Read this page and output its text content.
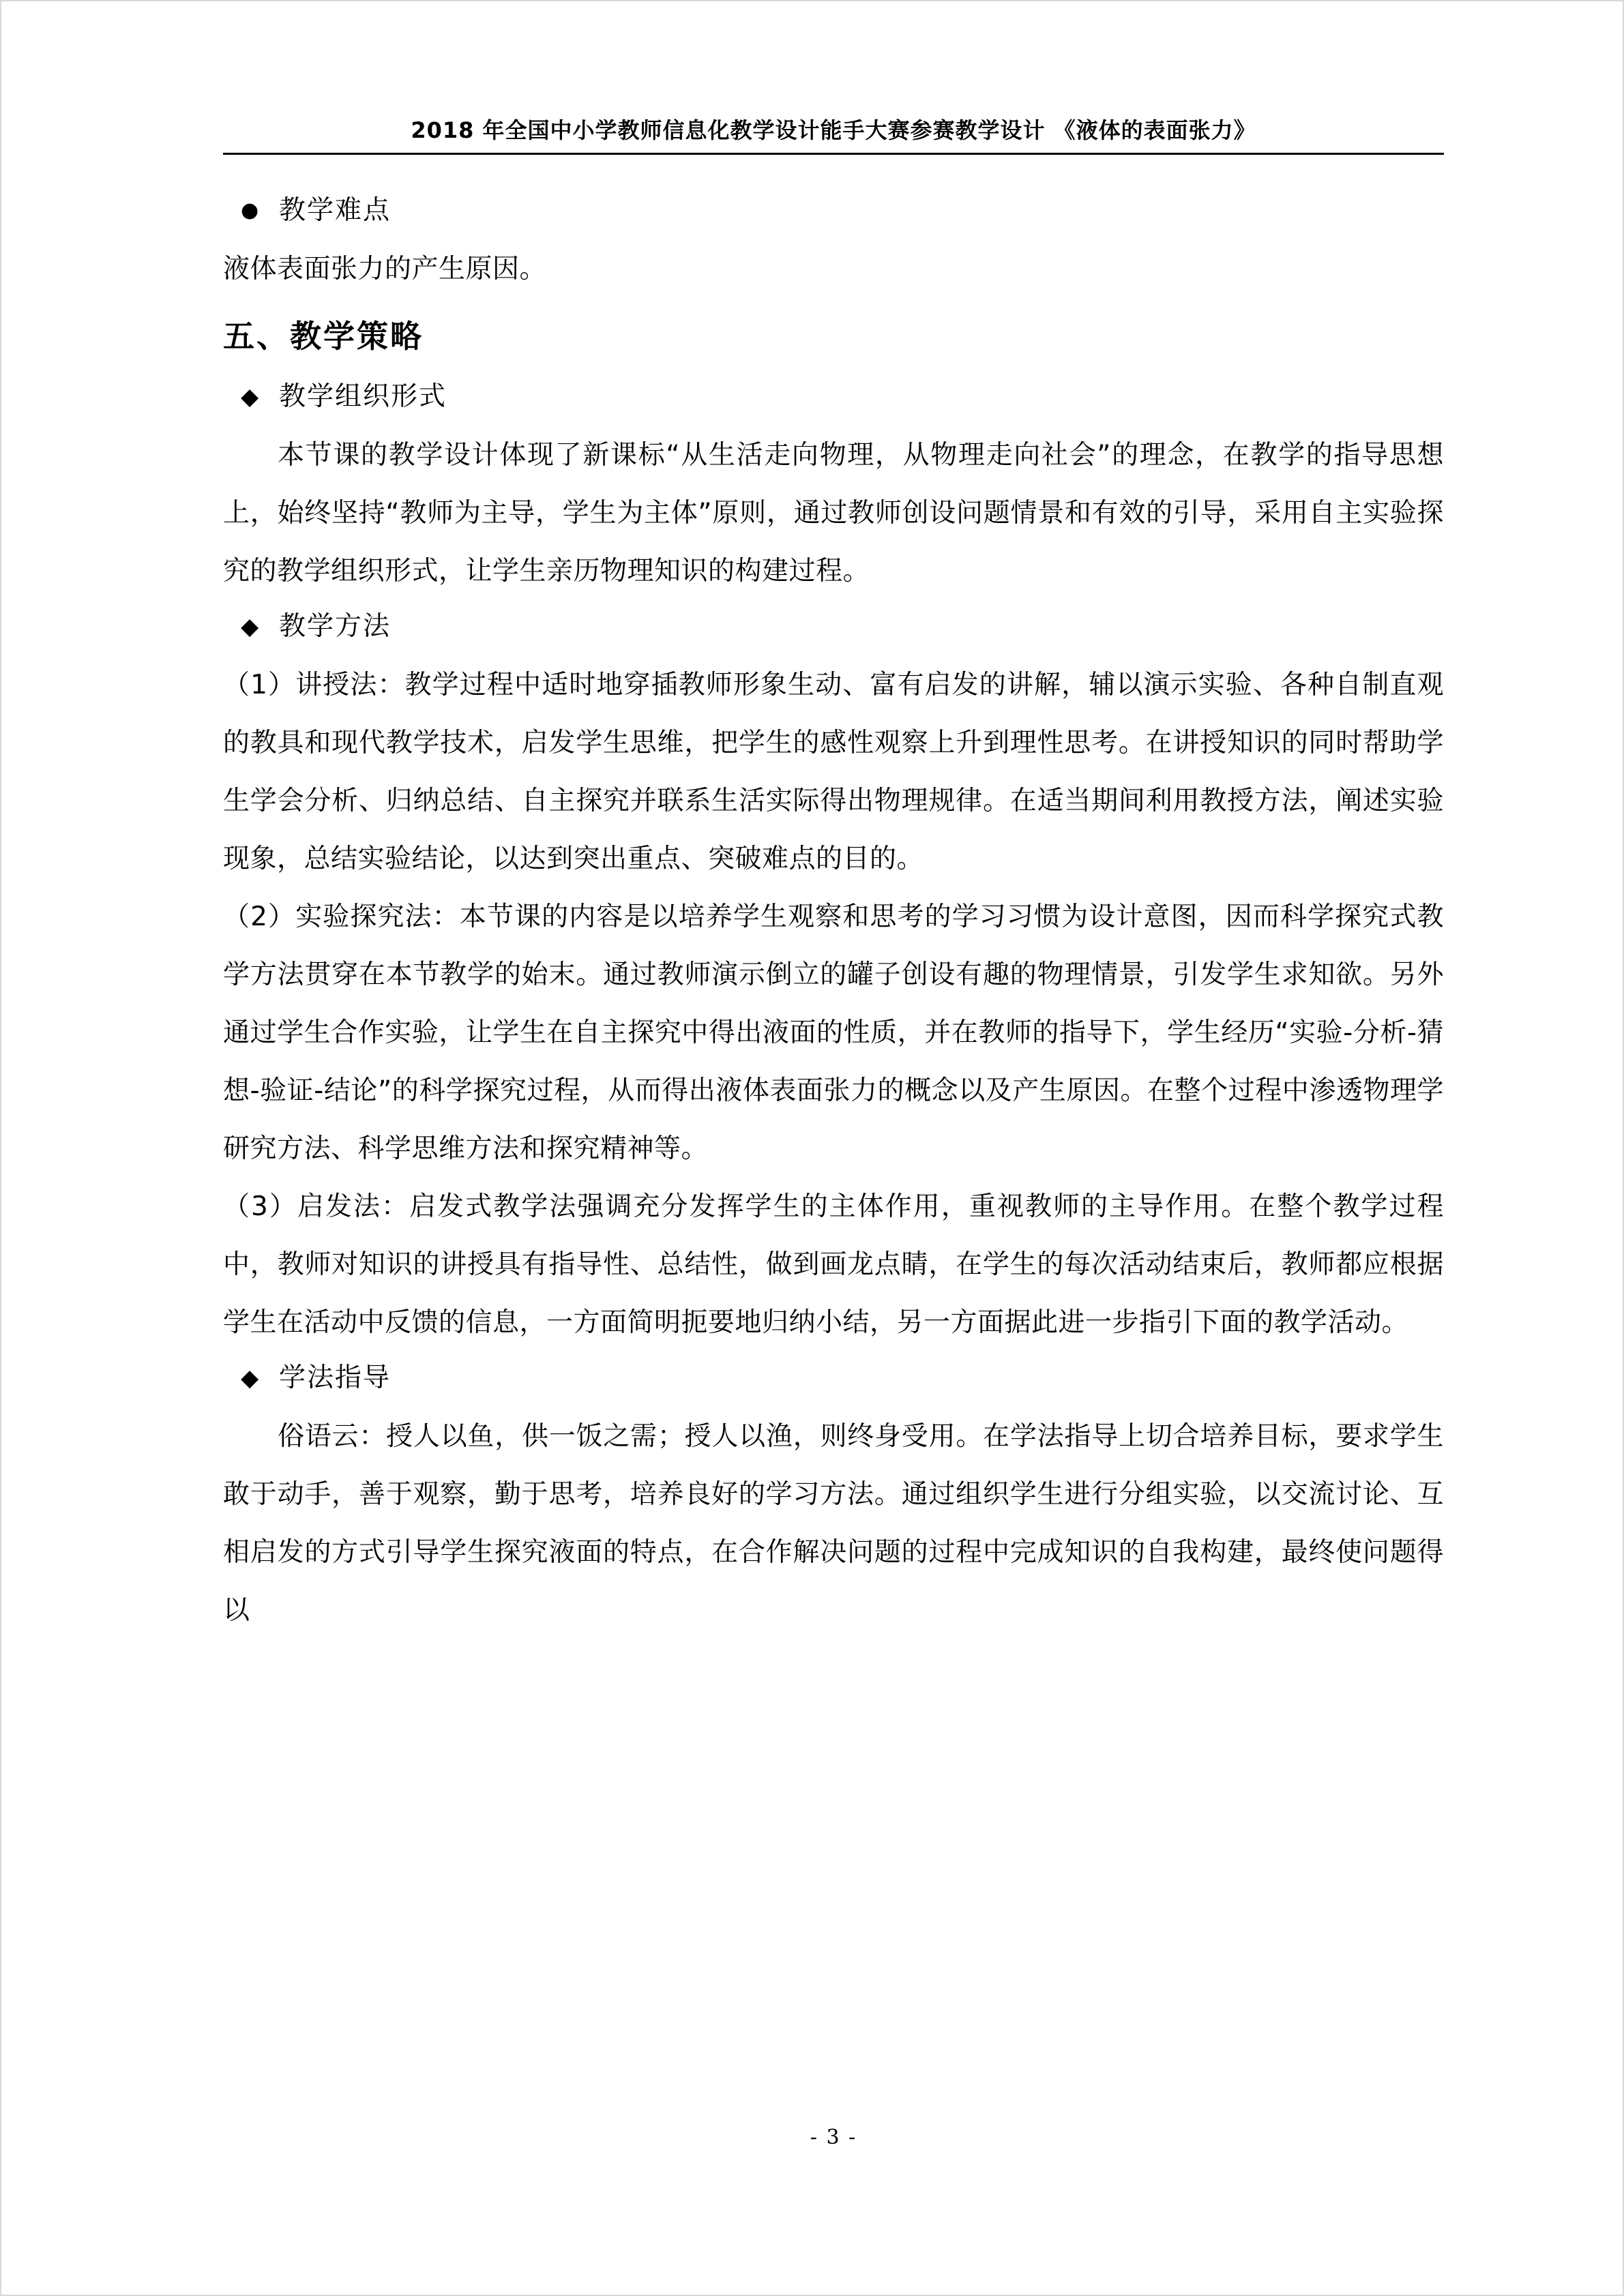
2018 年全国中小学教师信息化教学设计能手大赛参赛教学设计 《液体的表面张力》
● 教学难点

液体表面张力的产生原因。

五、教学策略
◆ 教学组织形式

本节课的教学设计体现了新课标“从生活走向物理，从物理走向社会”的理念，在教学的指导思想上，始终坚持“教师为主导，学生为主体”原则，通过教师创设问题情景和有效的引导，采用自主实验探究的教学组织形式，让学生亲历物理知识的构建过程。

◆ 教学方法

（1）讲授法：教学过程中适时地穿插教师形象生动、富有启发的讲解，辅以演示实验、各种自制直观的教具和现代教学技术，启发学生思维，把学生的感性观察上升到理性思考。在讲授知识的同时帮助学生学会分析、归纳总结、自主探究并联系生活实际得出物理规律。在适当期间利用教授方法，阐述实验现象，总结实验结论，以达到突出重点、突破难点的目的。

（2）实验探究法：本节课的内容是以培养学生观察和思考的学习习惯为设计意图，因而科学探究式教学方法贯穿在本节教学的始末。通过教师演示倒立的罐子创设有趣的物理情景，引发学生求知欲。另外通过学生合作实验，让学生在自主探究中得出液面的性质，并在教师的指导下，学生经历“实验-分析-猜想-验证-结论”的科学探究过程，从而得出液体表面张力的概念以及产生原因。在整个过程中渗透物理学研究方法、科学思维方法和探究精神等。

（3）启发法：启发式教学法强调充分发挥学生的主体作用，重视教师的主导作用。在整个教学过程中，教师对知识的讲授具有指导性、总结性，做到画龙点睛，在学生的每次活动结束后，教师都应根据学生在活动中反馈的信息，一方面简明扼要地归纳小结，另一方面据此进一步指引下面的教学活动。

◆ 学法指导

俗语云：授人以鱼，供一饭之需；授人以渔，则终身受用。在学法指导上切合培养目标，要求学生敢于动手，善于观察，勤于思考，培养良好的学习方法。通过组织学生进行分组实验，以交流讨论、互相启发的方式引导学生探究液面的特点，在合作解决问题的过程中完成知识的自我构建，最终使问题得以

- 3 -
